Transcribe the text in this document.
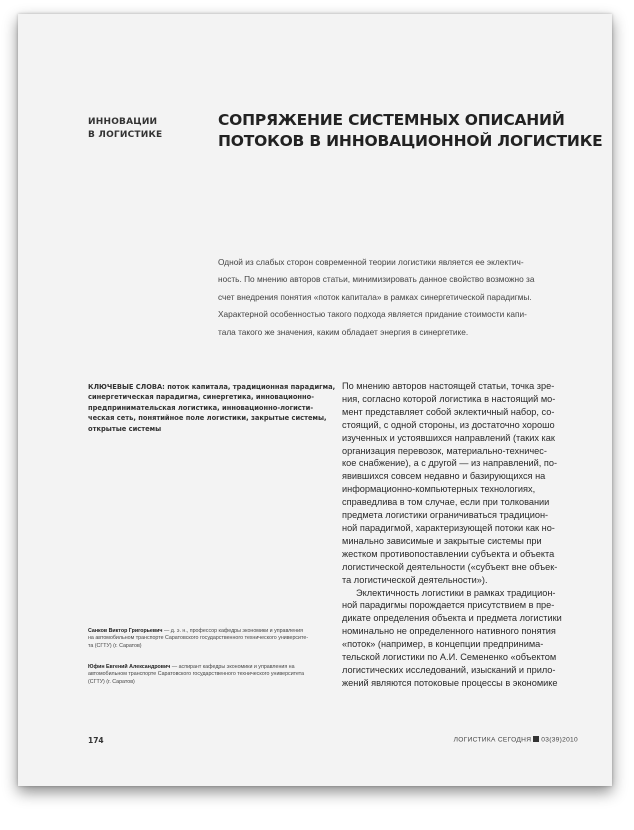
ИННОВАЦИИ
В ЛОГИСТИКЕ
СОПРЯЖЕНИЕ СИСТЕМНЫХ ОПИСАНИЙ
ПОТОКОВ В ИННОВАЦИОННОЙ ЛОГИСТИКЕ
Одной из слабых сторон современной теории логистики является ее эклектич-
ность. По мнению авторов статьи, минимизировать данное свойство возможно за
счет внедрения понятия «поток капитала» в рамках синергетической парадигмы.
Характерной особенностью такого подхода является придание стоимости капи-
тала такого же значения, каким обладает энергия в синергетике.
КЛЮЧЕВЫЕ СЛОВА: поток капитала, традиционная парадигма,
синергетическая парадигма, синергетика, инновационно-
предпринимательская логистика, инновационно-логисти-
ческая сеть, понятийное поле логистики, закрытые системы,
открытые системы
Санков Виктор Григорьевич — д. э. н., профессор кафедры экономики и управления
на автомобильном транспорте Саратовского государственного технического университе-
та (СГТУ) (г. Саратов)
Юфин Евгений Александрович — аспирант кафедры экономики и управления на
автомобильном транспорте Саратовского государственного технического университета
(СГТУ) (г. Саратов)
По мнению авторов настоящей статьи, точка зре-
ния, согласно которой логистика в настоящий мо-
мент представляет собой эклектичный набор, со-
стоящий, с одной стороны, из достаточно хорошо
изученных и устоявшихся направлений (таких как
организация перевозок, материально-техничес-
кое снабжение), а с другой — из направлений, по-
явившихся совсем недавно и базирующихся на
информационно-компьютерных технологиях,
справедлива в том случае, если при толковании
предмета логистики ограничиваться традицион-
ной парадигмой, характеризующей потоки как но-
минально зависимые и закрытые системы при
жестком противопоставлении субъекта и объекта
логистической деятельности («субъект вне объек-
та логистической деятельности»).
Эклектичность логистики в рамках традицион-
ной парадигмы порождается присутствием в пре-
дикате определения объекта и предмета логистики
номинально не определенного нативного понятия
«поток» (например, в концепции предпринима-
тельской логистики по А.И. Семененко «объектом
логистических исследований, изысканий и прило-
жений являются потоковые процессы в экономике
174	ЛОГИСТИКА СЕГОДНЯ 03(39)2010
